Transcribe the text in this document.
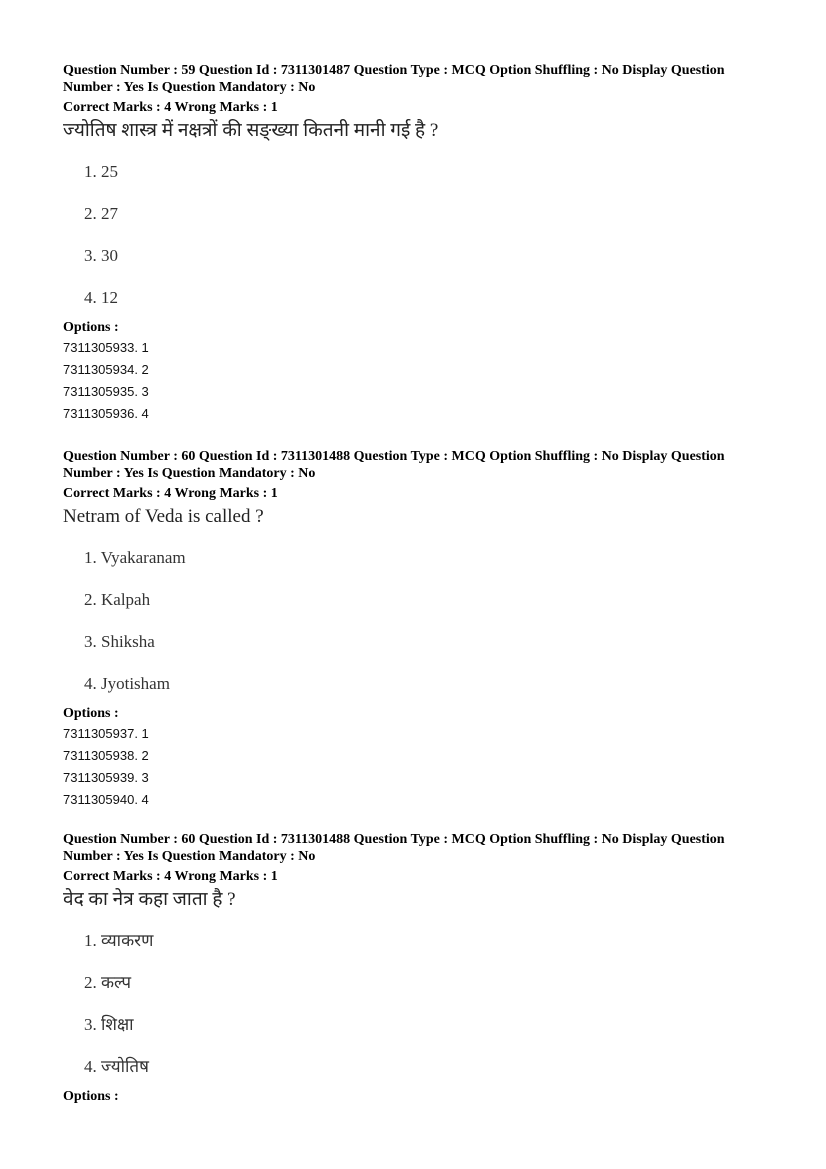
Question Number : 59 Question Id : 7311301487 Question Type : MCQ Option Shuffling : No Display Question

Number : Yes Is Question Mandatory : No

Correct Marks : 4 Wrong Marks : 1

ज्योतिष शास्त्र में नक्षत्रों की सङ्ख्या कितनी मानी गई है ?

1. 25
2. 27
3. 30
4. 12

Options :

7311305933. 1

7311305934. 2

7311305935. 3

7311305936. 4

Question Number : 60 Question Id : 7311301488 Question Type : MCQ Option Shuffling : No Display Question

Number : Yes Is Question Mandatory : No

Correct Marks : 4 Wrong Marks : 1

Netram of Veda is called ?

1. Vyakaranam
2. Kalpah
3. Shiksha
4. Jyotisham

Options :

7311305937. 1

7311305938. 2

7311305939. 3

7311305940. 4

Question Number : 60 Question Id : 7311301488 Question Type : MCQ Option Shuffling : No Display Question

Number : Yes Is Question Mandatory : No

Correct Marks : 4 Wrong Marks : 1

वेद का नेत्र कहा जाता है ?

1. व्याकरण
2. कल्प
3. शिक्षा
4. ज्योतिष

Options :
